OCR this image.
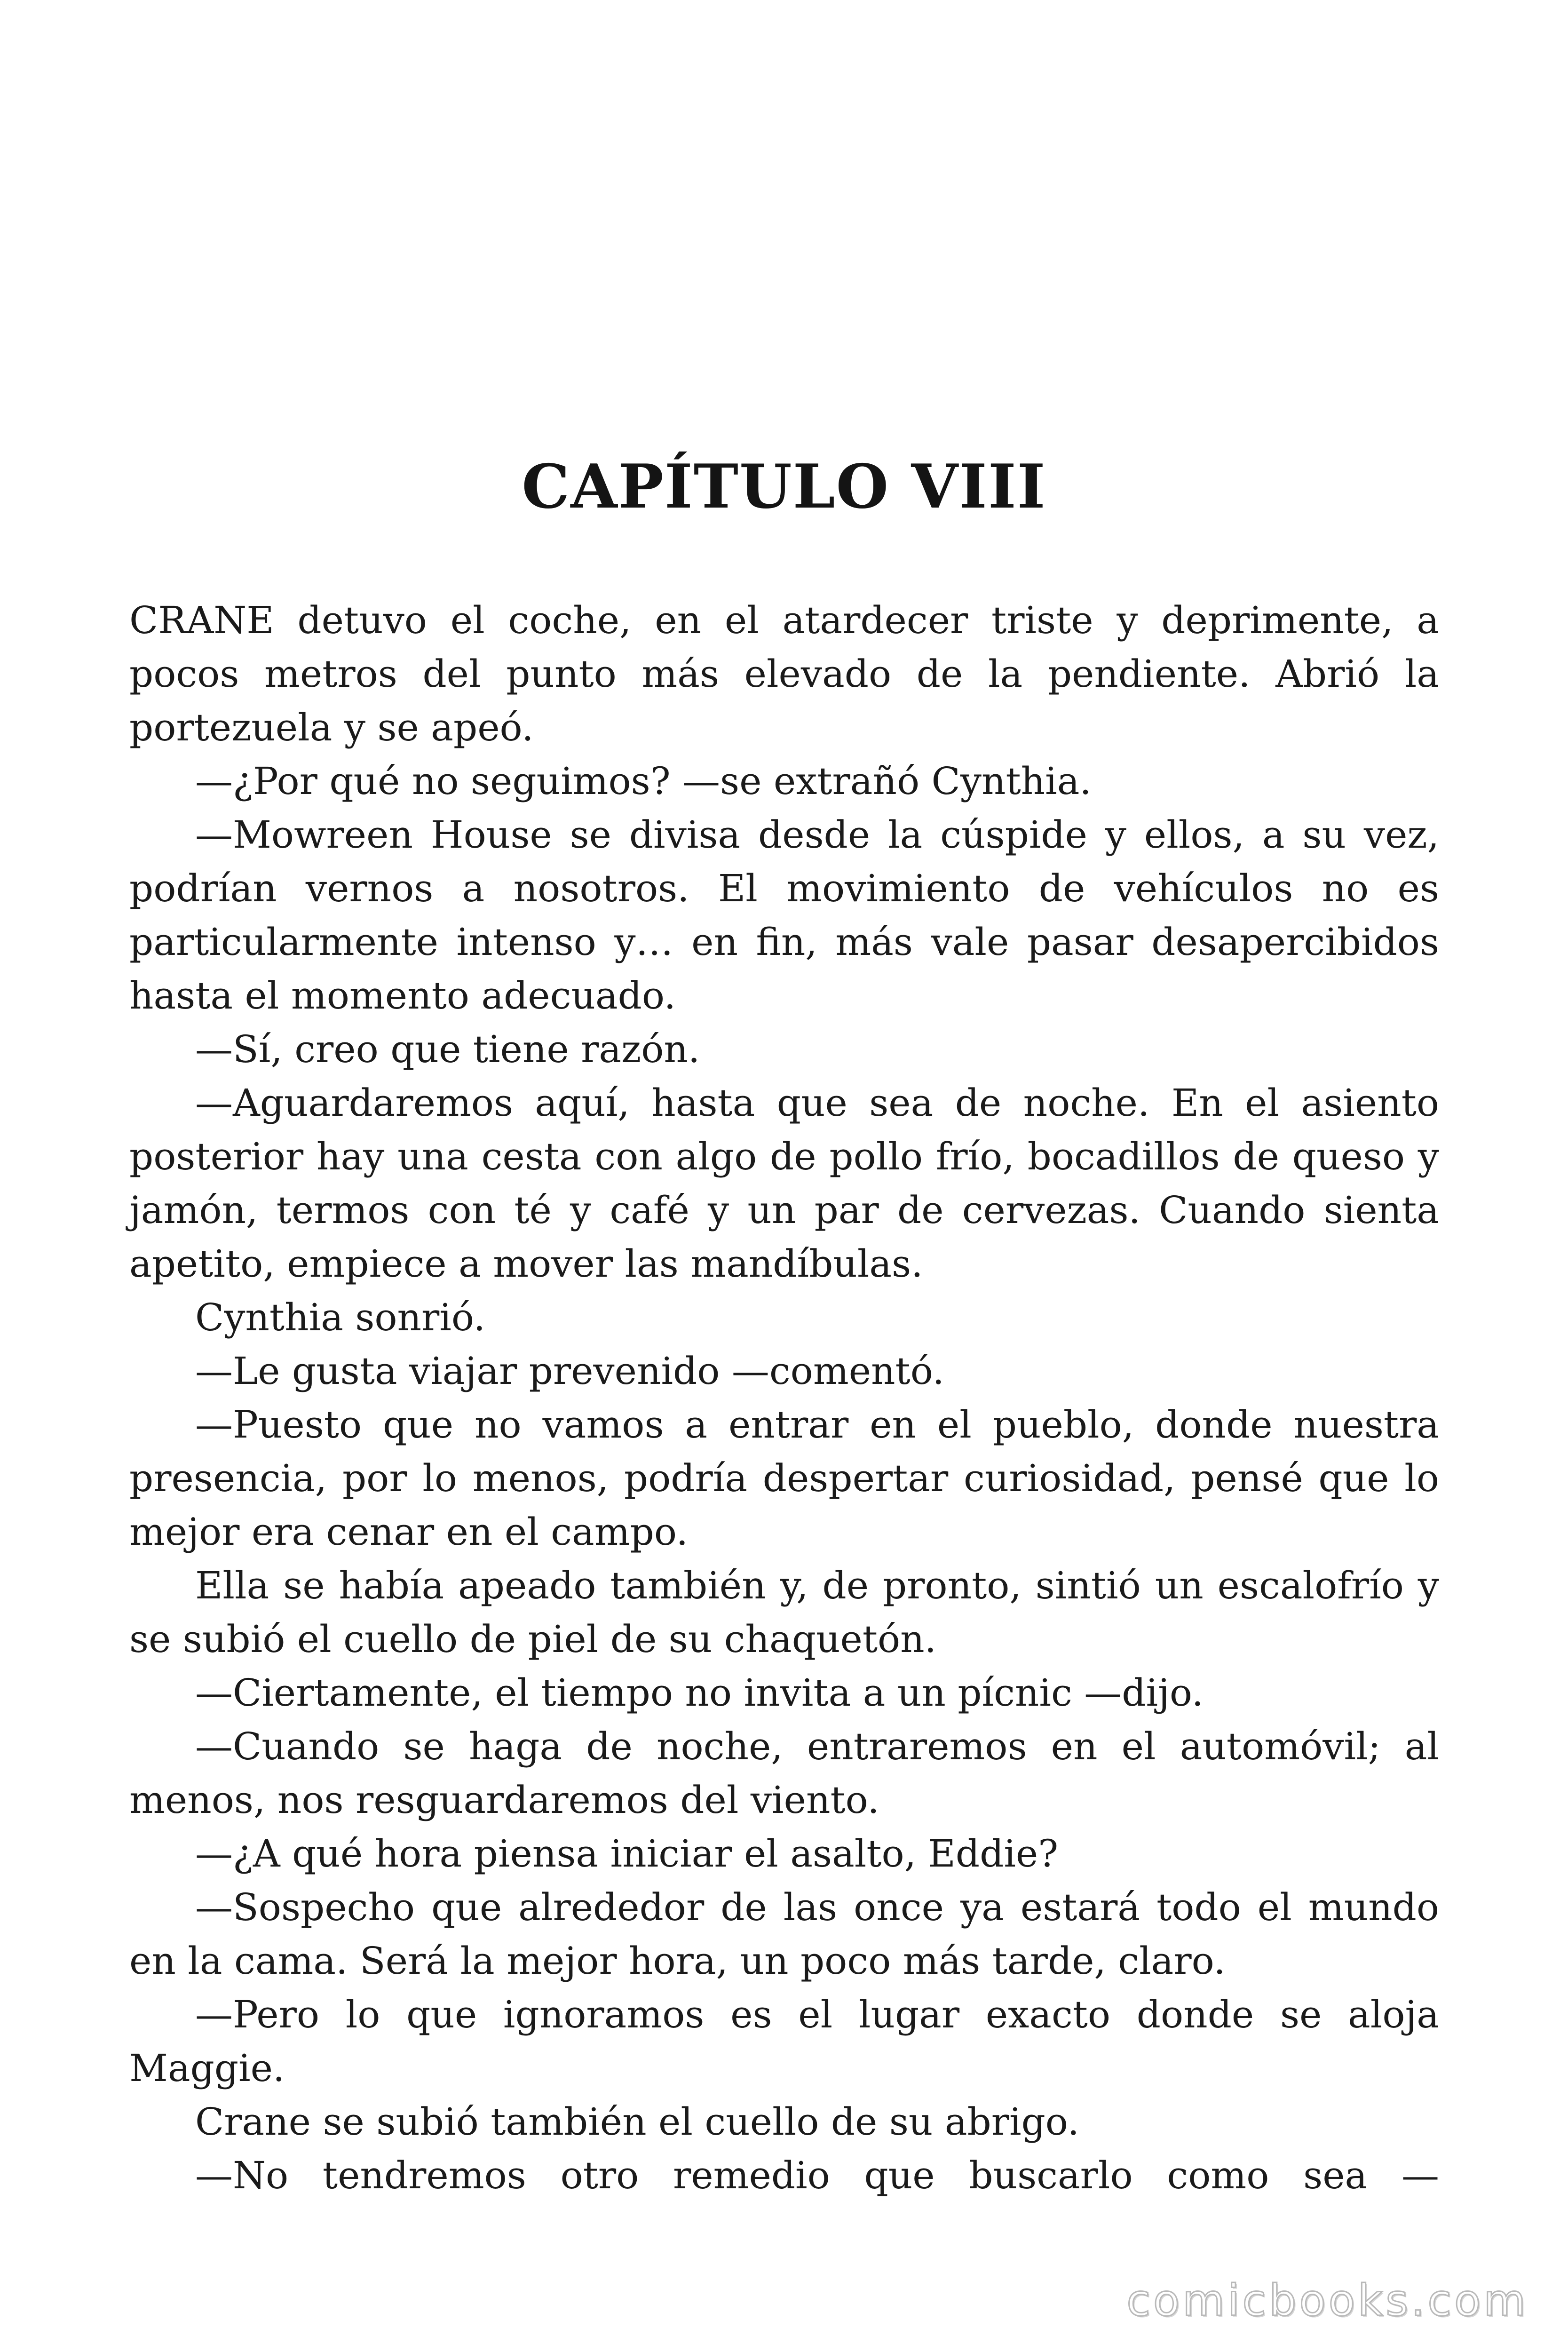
CAPÍTULO VIII

CRANE detuvo el coche, en el atardecer triste y deprimente, a pocos metros del punto más elevado de la pendiente. Abrió la portezuela y se apeó.

—¿Por qué no seguimos? —se extrañó Cynthia.

—Mowreen House se divisa desde la cúspide y ellos, a su vez, podrían vernos a nosotros. El movimiento de vehículos no es particularmente intenso y… en fin, más vale pasar desapercibidos hasta el momento adecuado.

—Sí, creo que tiene razón.

—Aguardaremos aquí, hasta que sea de noche. En el asiento posterior hay una cesta con algo de pollo frío, bocadillos de queso y jamón, termos con té y café y un par de cervezas. Cuando sienta apetito, empiece a mover las mandíbulas.

Cynthia sonrió.

—Le gusta viajar prevenido —comentó.

—Puesto que no vamos a entrar en el pueblo, donde nuestra presencia, por lo menos, podría despertar curiosidad, pensé que lo mejor era cenar en el campo.

Ella se había apeado también y, de pronto, sintió un escalofrío y se subió el cuello de piel de su chaquetón.

—Ciertamente, el tiempo no invita a un pícnic —dijo.

—Cuando se haga de noche, entraremos en el automóvil; al menos, nos resguardaremos del viento.

—¿A qué hora piensa iniciar el asalto, Eddie?

—Sospecho que alrededor de las once ya estará todo el mundo en la cama. Será la mejor hora, un poco más tarde, claro.

—Pero lo que ignoramos es el lugar exacto donde se aloja Maggie.

Crane se subió también el cuello de su abrigo.

—No tendremos otro remedio que buscarlo como sea —

comicbooks.com
